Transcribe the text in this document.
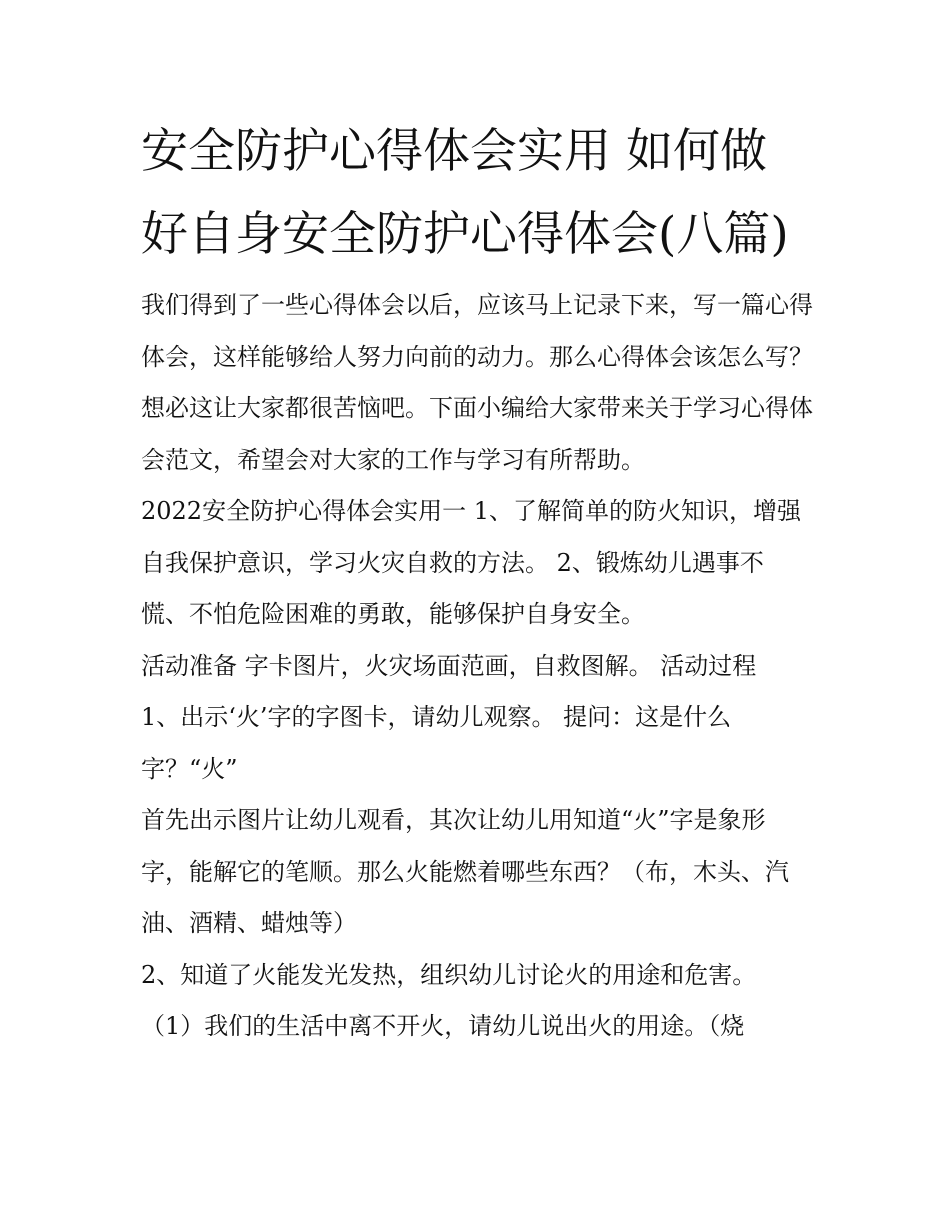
安全防护心得体会实用 如何做好自身安全防护心得体会(八篇)

我们得到了一些心得体会以后，应该马上记录下来，写一篇心得体会，这样能够给人努力向前的动力。那么心得体会该怎么写？想必这让大家都很苦恼吧。下面小编给大家带来关于学习心得体会范文，希望会对大家的工作与学习有所帮助。

2022安全防护心得体会实用一 1、了解简单的防火知识，增强自我保护意识，学习火灾自救的方法。 2、锻炼幼儿遇事不慌、不怕危险困难的勇敢，能够保护自身安全。

活动准备 字卡图片，火灾场面范画，自救图解。 活动过程

1、出示‘火’字的字图卡，请幼儿观察。 提问：这是什么字？“火”

首先出示图片让幼儿观看，其次让幼儿用知道“火”字是象形字，能解它的笔顺。那么火能燃着哪些东西？（布，木头、汽油、酒精、蜡烛等）

2、知道了火能发光发热，组织幼儿讨论火的用途和危害。

（1）我们的生活中离不开火，请幼儿说出火的用途。（烧
